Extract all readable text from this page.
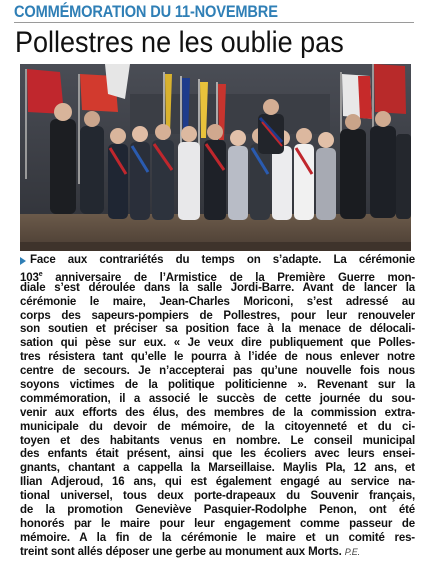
COMMÉMORATION DU 11-NOVEMBRE
Pollestres ne les oublie pas
Face aux contrariétés du temps on s’adapte. La cérémonie
103e anniversaire de l’Armistice de la Première Guerre mon-
diale s’est déroulée dans la salle Jordi-Barre. Avant de lancer la
cérémonie le maire, Jean-Charles Moriconi, s’est adressé au
corps des sapeurs-pompiers de Pollestres, pour leur renouveler
son soutien et préciser sa position face à la menace de délocali-
sation qui pèse sur eux. « Je veux dire publiquement que Polles-
tres résistera tant qu’elle le pourra à l’idée de nous enlever notre
centre de secours. Je n’accepterai pas qu’une nouvelle fois nous
soyons victimes de la politique politicienne ». Revenant sur la
commémoration, il a associé le succès de cette journée du sou-
venir aux efforts des élus, des membres de la commission extra-
municipale du devoir de mémoire, de la citoyenneté et du ci-
toyen et des habitants venus en nombre. Le conseil municipal
des enfants était présent, ainsi que les écoliers avec leurs ensei-
gnants, chantant a cappella la Marseillaise. Maylis Pla, 12 ans, et
Ilian Adjeroud, 16 ans, qui est également engagé au service na-
tional universel, tous deux porte-drapeaux du Souvenir français,
de la promotion Geneviève Pasquier-Rodolphe Penon, ont été
honorés par le maire pour leur engagement comme passeur de
mémoire. A la fin de la cérémonie le maire et un comité res-
treint sont allés déposer une gerbe au monument aux Morts. P.E.
